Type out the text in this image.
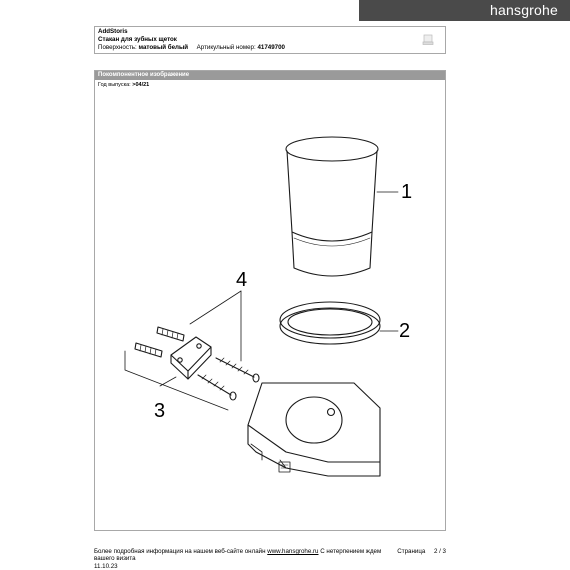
hansgrohe
AddStoris
Стакан для зубных щеток
Поверхность: матовый белый Артикульный номер: 41749700
Покомпонентное изображение
Год выпуска: >04/21
1
2
3
4
Более подробная информация на нашем веб-сайте онлайн www.hansgrohe.ru С нетерпением ждем
вашего визита
Страница 2 / 3
11.10.23
